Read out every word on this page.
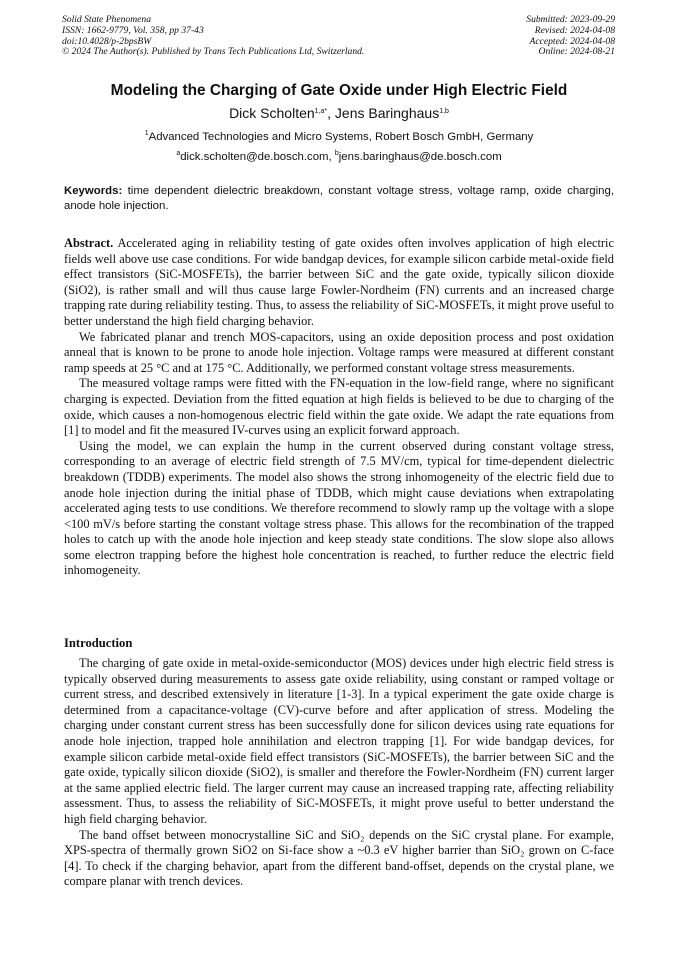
Solid State Phenomena
ISSN: 1662-9779, Vol. 358, pp 37-43
doi:10.4028/p-2bpsBW
© 2024 The Author(s). Published by Trans Tech Publications Ltd, Switzerland.
Submitted: 2023-09-29
Revised: 2024-04-08
Accepted: 2024-04-08
Online: 2024-08-21
Modeling the Charging of Gate Oxide under High Electric Field
Dick Scholten$^{1,a*}$, Jens Baringhaus$^{1,b}$
$^1$Advanced Technologies and Micro Systems, Robert Bosch GmbH, Germany
$^a$dick.scholten@de.bosch.com, $^b$jens.baringhaus@de.bosch.com
Keywords: time dependent dielectric breakdown, constant voltage stress, voltage ramp, oxide charging, anode hole injection.

Abstract. Accelerated aging in reliability testing of gate oxides often involves application of high electric fields well above use case conditions. For wide bandgap devices, for example silicon carbide metal-oxide field effect transistors (SiC-MOSFETs), the barrier between SiC and the gate oxide, typically silicon dioxide (SiO2), is rather small and will thus cause large Fowler-Nordheim (FN) currents and an increased charge trapping rate during reliability testing. Thus, to assess the reliability of SiC-MOSFETs, it might prove useful to better understand the high field charging behavior.

We fabricated planar and trench MOS-capacitors, using an oxide deposition process and post oxidation anneal that is known to be prone to anode hole injection. Voltage ramps were measured at different constant ramp speeds at 25 °C and at 175 °C. Additionally, we performed constant voltage stress measurements.

The measured voltage ramps were fitted with the FN-equation in the low-field range, where no significant charging is expected. Deviation from the fitted equation at high fields is believed to be due to charging of the oxide, which causes a non-homogenous electric field within the gate oxide. We adapt the rate equations from [1] to model and fit the measured IV-curves using an explicit forward approach.

Using the model, we can explain the hump in the current observed during constant voltage stress, corresponding to an average of electric field strength of 7.5 MV/cm, typical for time-dependent dielectric breakdown (TDDB) experiments. The model also shows the strong inhomogeneity of the electric field due to anode hole injection during the initial phase of TDDB, which might cause deviations when extrapolating accelerated aging tests to use conditions. We therefore recommend to slowly ramp up the voltage with a slope <100 mV/s before starting the constant voltage stress phase. This allows for the recombination of the trapped holes to catch up with the anode hole injection and keep steady state conditions. The slow slope also allows some electron trapping before the highest hole concentration is reached, to further reduce the electric field inhomogeneity.

Introduction

The charging of gate oxide in metal-oxide-semiconductor (MOS) devices under high electric field stress is typically observed during measurements to assess gate oxide reliability, using constant or ramped voltage or current stress, and described extensively in literature [1-3]. In a typical experiment the gate oxide charge is determined from a capacitance-voltage (CV)-curve before and after application of stress. Modeling the charging under constant current stress has been successfully done for silicon devices using rate equations for anode hole injection, trapped hole annihilation and electron trapping [1]. For wide bandgap devices, for example silicon carbide metal-oxide field effect transistors (SiC-MOSFETs), the barrier between SiC and the gate oxide, typically silicon dioxide (SiO2), is smaller and therefore the Fowler-Nordheim (FN) current larger at the same applied electric field. The larger current may cause an increased trapping rate, affecting reliability assessment. Thus, to assess the reliability of SiC-MOSFETs, it might prove useful to better understand the high field charging behavior.

The band offset between monocrystalline SiC and SiO₂ depends on the SiC crystal plane. For example, XPS-spectra of thermally grown SiO2 on Si-face show a ~0.3 eV higher barrier than SiO₂ grown on C-face [4]. To check if the charging behavior, apart from the different band-offset, depends on the crystal plane, we compare planar with trench devices.
